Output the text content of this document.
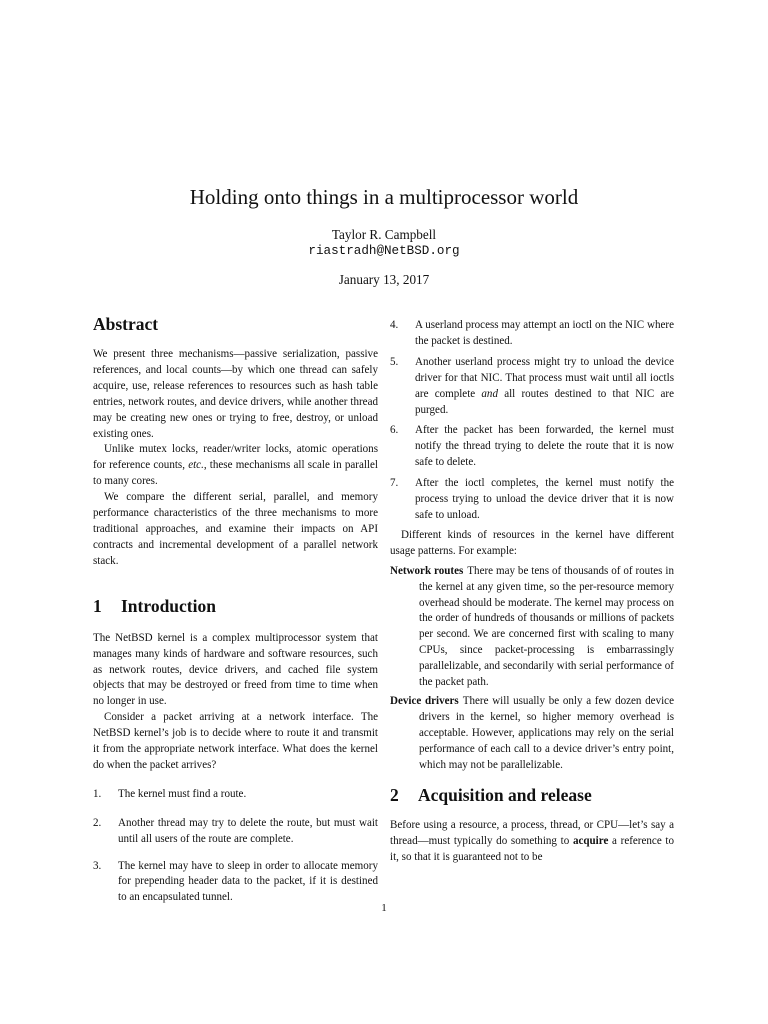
Holding onto things in a multiprocessor world
Taylor R. Campbell
riastradh@NetBSD.org
January 13, 2017
Abstract

We present three mechanisms—passive serialization, passive references, and local counts—by which one thread can safely acquire, use, release references to resources such as hash table entries, network routes, and device drivers, while another thread may be creating new ones or trying to free, destroy, or unload existing ones.

Unlike mutex locks, reader/writer locks, atomic operations for reference counts, etc., these mechanisms all scale in parallel to many cores.

We compare the different serial, parallel, and memory performance characteristics of the three mechanisms to more traditional approaches, and examine their impacts on API contracts and incremental development of a parallel network stack.

1 Introduction

The NetBSD kernel is a complex multiprocessor system that manages many kinds of hardware and software resources, such as network routes, device drivers, and cached file system objects that may be destroyed or freed from time to time when no longer in use.

Consider a packet arriving at a network interface. The NetBSD kernel’s job is to decide where to route it and transmit it from the appropriate network interface. What does the kernel do when the packet arrives?

1.	The kernel must find a route.
2.	Another thread may try to delete the route, but must wait until all users of the route are complete.
3.	The kernel may have to sleep in order to allocate memory for prepending header data to the packet, if it is destined to an encapsulated tunnel.
4.	A userland process may attempt an ioctl on the NIC where the packet is destined.
5.	Another userland process might try to unload the device driver for that NIC. That process must wait until all ioctls are complete and all routes destined to that NIC are purged.
6.	After the packet has been forwarded, the kernel must notify the thread trying to delete the route that it is now safe to delete.
7.	After the ioctl completes, the kernel must notify the process trying to unload the device driver that it is now safe to unload.

Different kinds of resources in the kernel have different usage patterns. For example:

Network routes There may be tens of thousands of of routes in the kernel at any given time, so the per-resource memory overhead should be moderate. The kernel may process on the order of hundreds of thousands or millions of packets per second. We are concerned first with scaling to many CPUs, since packet-processing is embarrassingly parallelizable, and secondarily with serial performance of the packet path.

Device drivers There will usually be only a few dozen device drivers in the kernel, so higher memory overhead is acceptable. However, applications may rely on the serial performance of each call to a device driver’s entry point, which may not be parallelizable.

2 Acquisition and release

Before using a resource, a process, thread, or CPU—let’s say a thread—must typically do something to acquire a reference to it, so that it is guaranteed not to be

1
